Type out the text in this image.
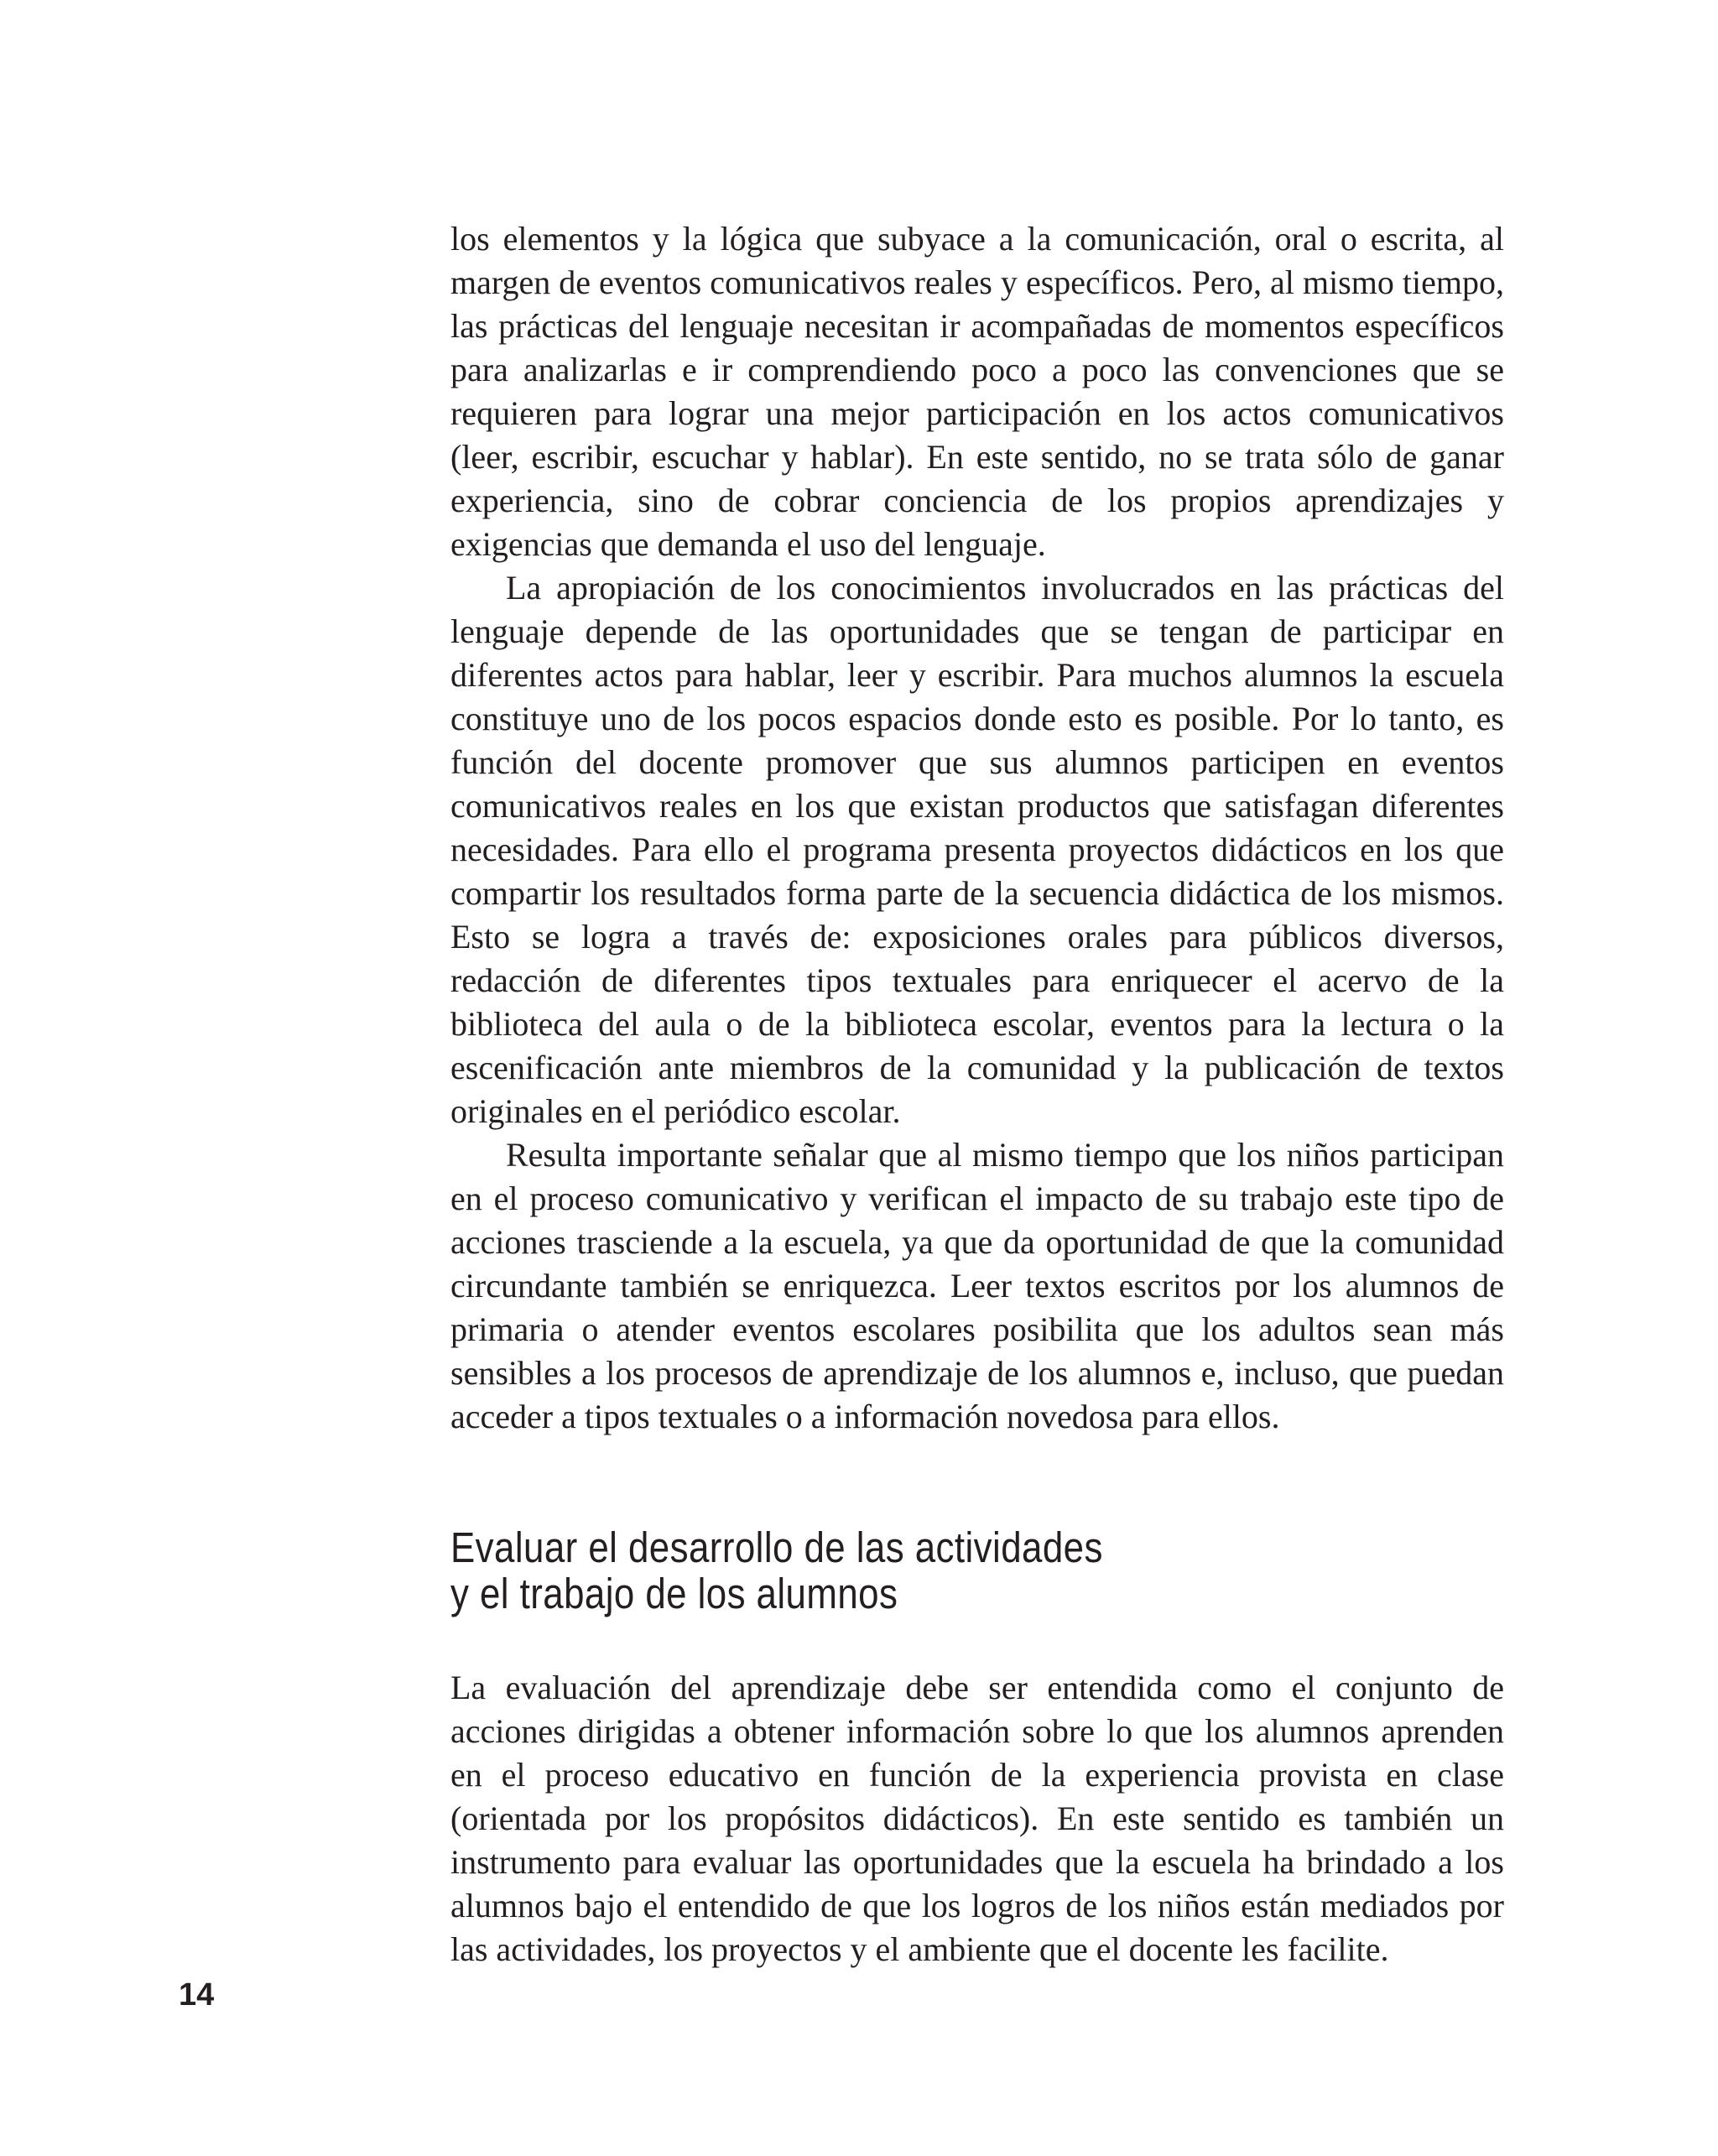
los elementos y la lógica que subyace a la comunicación, oral o escrita, al margen de eventos comunicativos reales y específicos. Pero, al mismo tiempo, las prácticas del lenguaje necesitan ir acompañadas de momentos específicos para analizarlas e ir comprendiendo poco a poco las convenciones que se requieren para lograr una mejor participación en los actos comunicativos (leer, escribir, escuchar y hablar). En este sentido, no se trata sólo de ganar experiencia, sino de cobrar conciencia de los propios aprendizajes y exigencias que demanda el uso del lenguaje.

La apropiación de los conocimientos involucrados en las prácticas del lenguaje depende de las oportunidades que se tengan de participar en diferentes actos para hablar, leer y escribir. Para muchos alumnos la escuela constituye uno de los pocos espacios donde esto es posible. Por lo tanto, es función del docente promover que sus alumnos participen en eventos comunicativos reales en los que existan productos que satisfagan diferentes necesidades. Para ello el programa presenta proyectos didácticos en los que compartir los resultados forma parte de la secuencia didáctica de los mismos. Esto se logra a través de: exposiciones orales para públicos diversos, redacción de diferentes tipos textuales para enriquecer el acervo de la biblioteca del aula o de la biblioteca escolar, eventos para la lectura o la escenificación ante miembros de la comunidad y la publicación de textos originales en el periódico escolar.

Resulta importante señalar que al mismo tiempo que los niños participan en el proceso comunicativo y verifican el impacto de su trabajo este tipo de acciones trasciende a la escuela, ya que da oportunidad de que la comunidad circundante también se enriquezca. Leer textos escritos por los alumnos de primaria o atender eventos escolares posibilita que los adultos sean más sensibles a los procesos de aprendizaje de los alumnos e, incluso, que puedan acceder a tipos textuales o a información novedosa para ellos.

Evaluar el desarrollo de las actividades
y el trabajo de los alumnos

La evaluación del aprendizaje debe ser entendida como el conjunto de acciones dirigidas a obtener información sobre lo que los alumnos aprenden en el proceso educativo en función de la experiencia provista en clase (orientada por los propósitos didácticos). En este sentido es también un instrumento para evaluar las oportunidades que la escuela ha brindado a los alumnos bajo el entendido de que los logros de los niños están mediados por las actividades, los proyectos y el ambiente que el docente les facilite.

14
